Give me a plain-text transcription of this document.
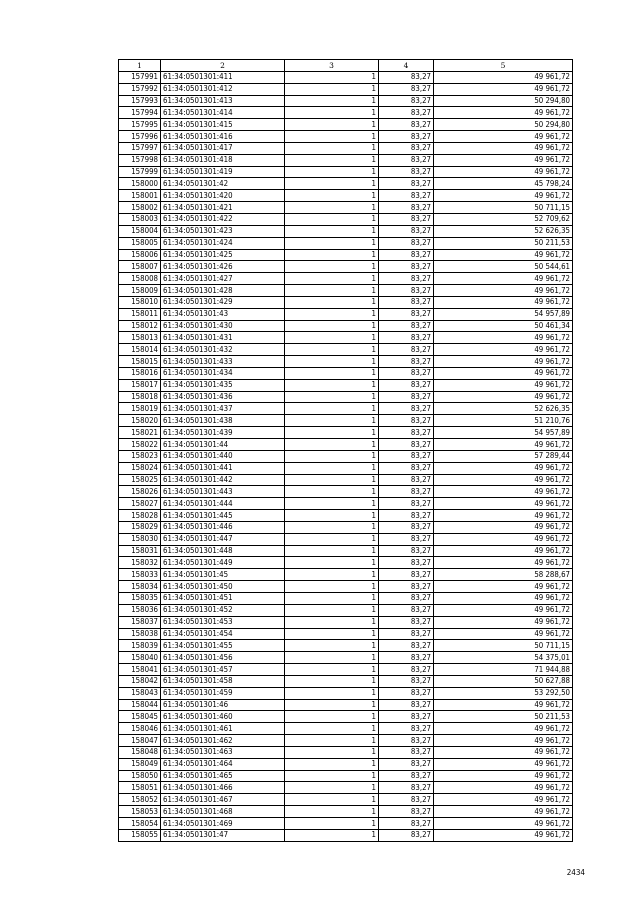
1	2	3	4	5
157991	61:34:0501301:411	1	83,27	49 961,72
157992	61:34:0501301:412	1	83,27	49 961,72
157993	61:34:0501301:413	1	83,27	50 294,80
157994	61:34:0501301:414	1	83,27	49 961,72
157995	61:34:0501301:415	1	83,27	50 294,80
157996	61:34:0501301:416	1	83,27	49 961,72
157997	61:34:0501301:417	1	83,27	49 961,72
157998	61:34:0501301:418	1	83,27	49 961,72
157999	61:34:0501301:419	1	83,27	49 961,72
158000	61:34:0501301:42	1	83,27	45 798,24
158001	61:34:0501301:420	1	83,27	49 961,72
158002	61:34:0501301:421	1	83,27	50 711,15
158003	61:34:0501301:422	1	83,27	52 709,62
158004	61:34:0501301:423	1	83,27	52 626,35
158005	61:34:0501301:424	1	83,27	50 211,53
158006	61:34:0501301:425	1	83,27	49 961,72
158007	61:34:0501301:426	1	83,27	50 544,61
158008	61:34:0501301:427	1	83,27	49 961,72
158009	61:34:0501301:428	1	83,27	49 961,72
158010	61:34:0501301:429	1	83,27	49 961,72
158011	61:34:0501301:43	1	83,27	54 957,89
158012	61:34:0501301:430	1	83,27	50 461,34
158013	61:34:0501301:431	1	83,27	49 961,72
158014	61:34:0501301:432	1	83,27	49 961,72
158015	61:34:0501301:433	1	83,27	49 961,72
158016	61:34:0501301:434	1	83,27	49 961,72
158017	61:34:0501301:435	1	83,27	49 961,72
158018	61:34:0501301:436	1	83,27	49 961,72
158019	61:34:0501301:437	1	83,27	52 626,35
158020	61:34:0501301:438	1	83,27	51 210,76
158021	61:34:0501301:439	1	83,27	54 957,89
158022	61:34:0501301:44	1	83,27	49 961,72
158023	61:34:0501301:440	1	83,27	57 289,44
158024	61:34:0501301:441	1	83,27	49 961,72
158025	61:34:0501301:442	1	83,27	49 961,72
158026	61:34:0501301:443	1	83,27	49 961,72
158027	61:34:0501301:444	1	83,27	49 961,72
158028	61:34:0501301:445	1	83,27	49 961,72
158029	61:34:0501301:446	1	83,27	49 961,72
158030	61:34:0501301:447	1	83,27	49 961,72
158031	61:34:0501301:448	1	83,27	49 961,72
158032	61:34:0501301:449	1	83,27	49 961,72
158033	61:34:0501301:45	1	83,27	58 288,67
158034	61:34:0501301:450	1	83,27	49 961,72
158035	61:34:0501301:451	1	83,27	49 961,72
158036	61:34:0501301:452	1	83,27	49 961,72
158037	61:34:0501301:453	1	83,27	49 961,72
158038	61:34:0501301:454	1	83,27	49 961,72
158039	61:34:0501301:455	1	83,27	50 711,15
158040	61:34:0501301:456	1	83,27	54 375,01
158041	61:34:0501301:457	1	83,27	71 944,88
158042	61:34:0501301:458	1	83,27	50 627,88
158043	61:34:0501301:459	1	83,27	53 292,50
158044	61:34:0501301:46	1	83,27	49 961,72
158045	61:34:0501301:460	1	83,27	50 211,53
158046	61:34:0501301:461	1	83,27	49 961,72
158047	61:34:0501301:462	1	83,27	49 961,72
158048	61:34:0501301:463	1	83,27	49 961,72
158049	61:34:0501301:464	1	83,27	49 961,72
158050	61:34:0501301:465	1	83,27	49 961,72
158051	61:34:0501301:466	1	83,27	49 961,72
158052	61:34:0501301:467	1	83,27	49 961,72
158053	61:34:0501301:468	1	83,27	49 961,72
158054	61:34:0501301:469	1	83,27	49 961,72
158055	61:34:0501301:47	1	83,27	49 961,72
2434
